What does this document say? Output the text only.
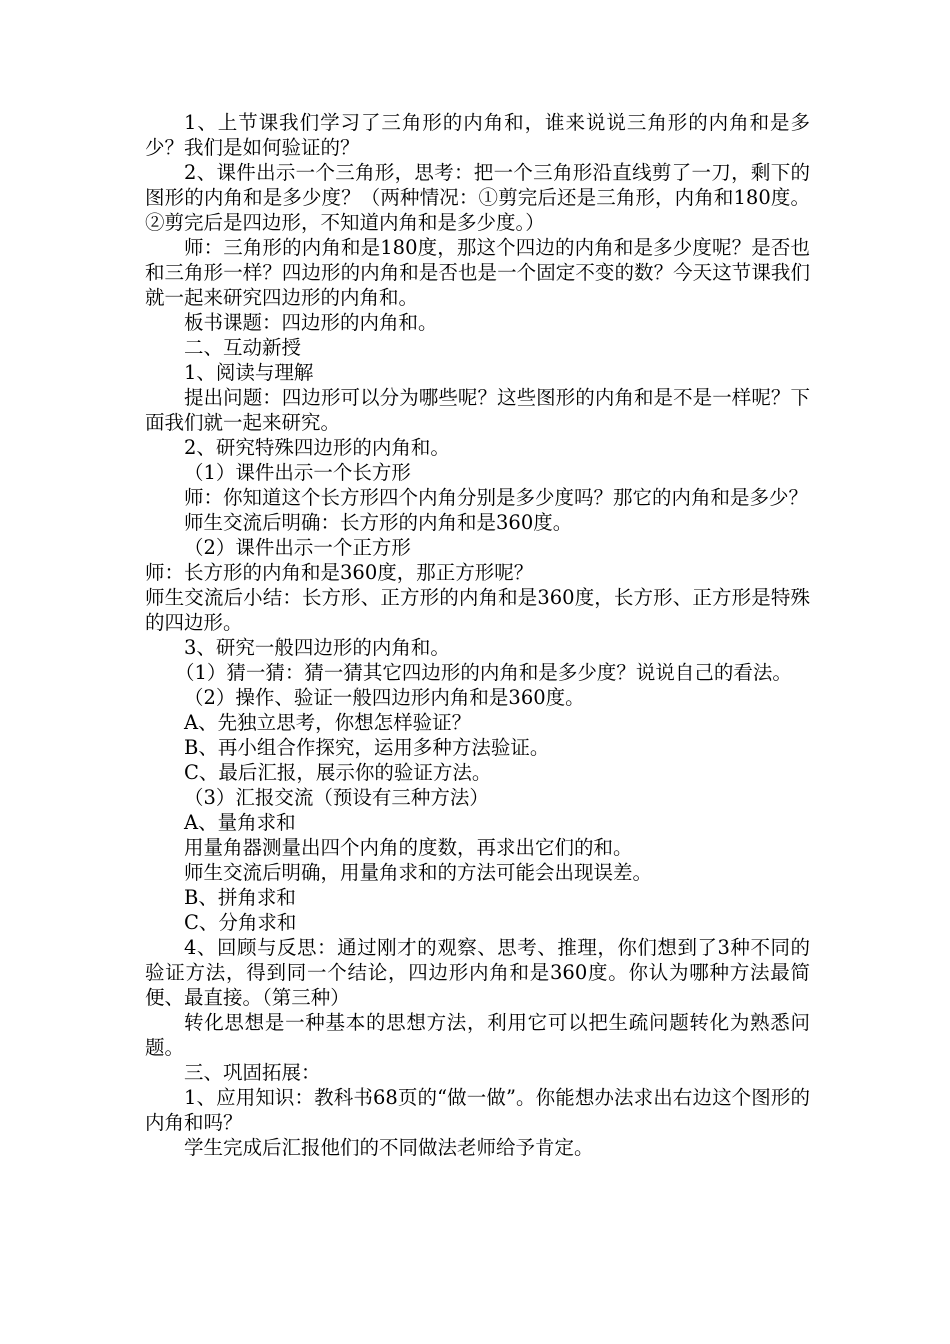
1、上节课我们学习了三角形的内角和，谁来说说三角形的内角和是多少？我们是如何验证的？

2、课件出示一个三角形，思考：把一个三角形沿直线剪了一刀，剩下的图形的内角和是多少度？（两种情况：①剪完后还是三角形，内角和180度。②剪完后是四边形，不知道内角和是多少度。）

师：三角形的内角和是180度，那这个四边的内角和是多少度呢？是否也和三角形一样？四边形的内角和是否也是一个固定不变的数？今天这节课我们就一起来研究四边形的内角和。

板书课题：四边形的内角和。

二、互动新授

1、阅读与理解

提出问题：四边形可以分为哪些呢？这些图形的内角和是不是一样呢？下面我们就一起来研究。

2、研究特殊四边形的内角和。

（1）课件出示一个长方形

师：你知道这个长方形四个内角分别是多少度吗？那它的内角和是多少？

师生交流后明确：长方形的内角和是360度。

（2）课件出示一个正方形

师：长方形的内角和是360度，那正方形呢？

师生交流后小结：长方形、正方形的内角和是360度，长方形、正方形是特殊的四边形。

3、研究一般四边形的内角和。

（1）猜一猜：猜一猜其它四边形的内角和是多少度？说说自己的看法。

（2）操作、验证一般四边形内角和是360度。

A、先独立思考，你想怎样验证？

B、再小组合作探究，运用多种方法验证。

C、最后汇报，展示你的验证方法。

（3）汇报交流（预设有三种方法）

A、量角求和

用量角器测量出四个内角的度数，再求出它们的和。

师生交流后明确，用量角求和的方法可能会出现误差。

B、拼角求和

C、分角求和

4、回顾与反思：通过刚才的观察、思考、推理，你们想到了3种不同的验证方法，得到同一个结论，四边形内角和是360度。你认为哪种方法最简便、最直接。（第三种）

转化思想是一种基本的思想方法，利用它可以把生疏问题转化为熟悉问题。

三、巩固拓展：

1、应用知识：教科书68页的“做一做”。你能想办法求出右边这个图形的内角和吗？

学生完成后汇报他们的不同做法老师给予肯定。
